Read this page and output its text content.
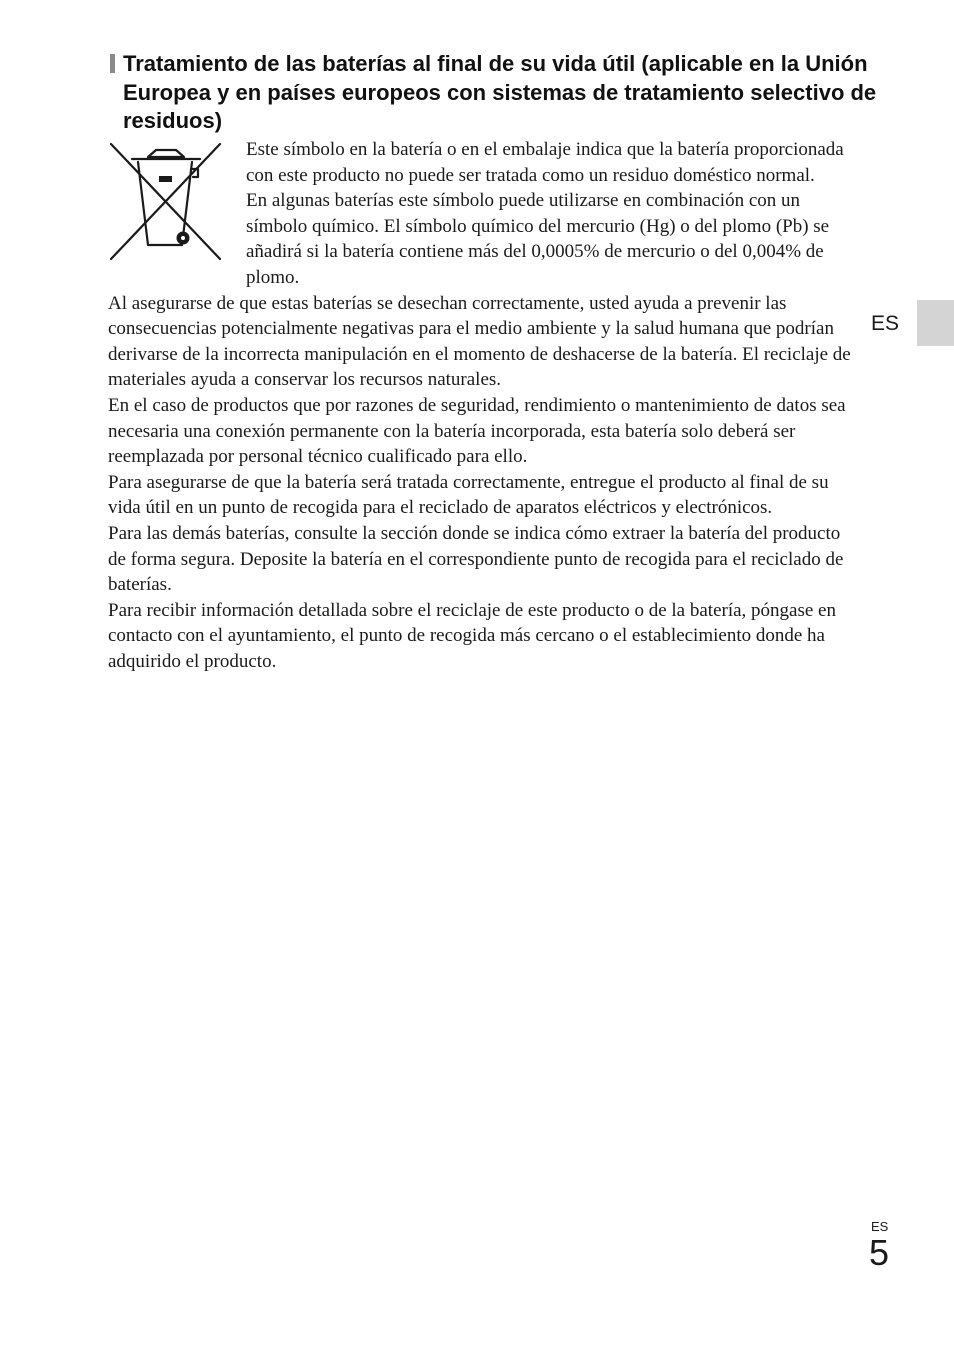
Tratamiento de las baterías al final de su vida útil (aplicable en la Unión Europea y en países europeos con sistemas de tratamiento selectivo de residuos)

Este símbolo en la batería o en el embalaje indica que la batería proporcionada con este producto no puede ser tratada como un residuo doméstico normal.

En algunas baterías este símbolo puede utilizarse en combinación con un símbolo químico. El símbolo químico del mercurio (Hg) o del plomo (Pb) se añadirá si la batería contiene más del 0,0005% de mercurio o del 0,004% de plomo.

Al asegurarse de que estas baterías se desechan correctamente, usted ayuda a prevenir las consecuencias potencialmente negativas para el medio ambiente y la salud humana que podrían derivarse de la incorrecta manipulación en el momento de deshacerse de la batería. El reciclaje de materiales ayuda a conservar los recursos naturales.

En el caso de productos que por razones de seguridad, rendimiento o mantenimiento de datos sea necesaria una conexión permanente con la batería incorporada, esta batería solo deberá ser reemplazada por personal técnico cualificado para ello.

Para asegurarse de que la batería será tratada correctamente, entregue el producto al final de su vida útil en un punto de recogida para el reciclado de aparatos eléctricos y electrónicos.

Para las demás baterías, consulte la sección donde se indica cómo extraer la batería del producto de forma segura. Deposite la batería en el correspondiente punto de recogida para el reciclado de baterías.

Para recibir información detallada sobre el reciclaje de este producto o de la batería, póngase en contacto con el ayuntamiento, el punto de recogida más cercano o el establecimiento donde ha adquirido el producto.

ES
ES
5
